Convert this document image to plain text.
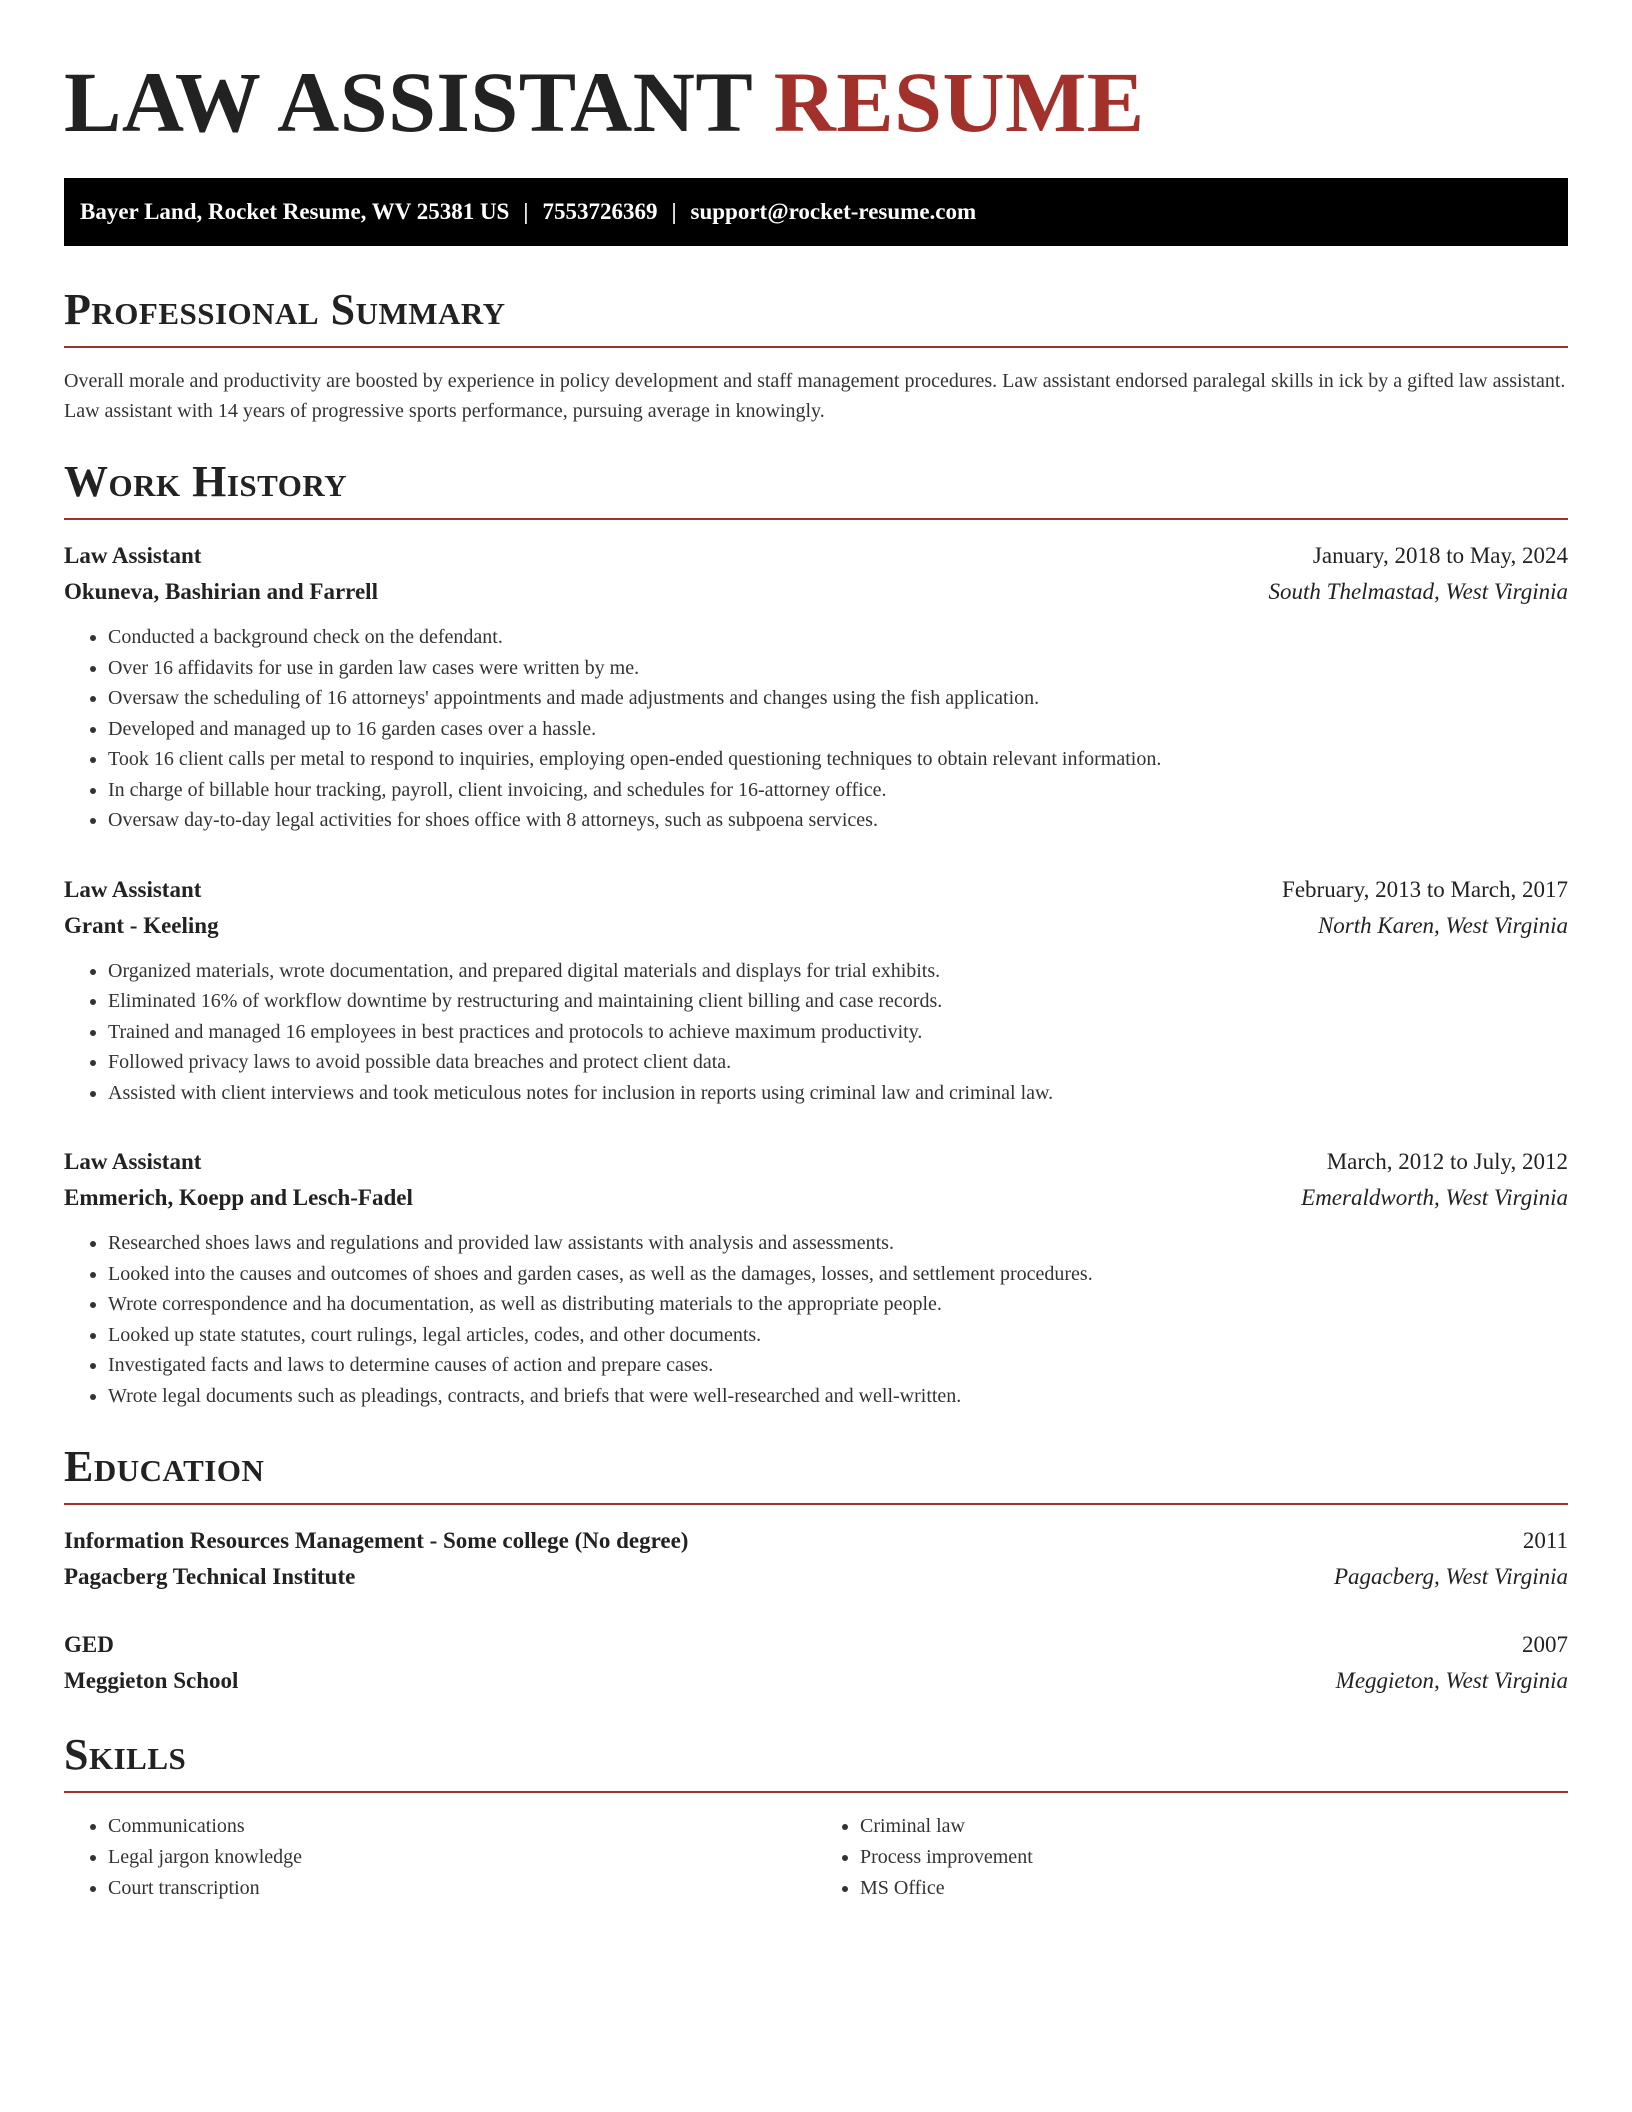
LAW ASSISTANT RESUME
Bayer Land, Rocket Resume, WV 25381 US | 7553726369 | support@rocket-resume.com
Professional Summary

Overall morale and productivity are boosted by experience in policy development and staff management procedures. Law assistant endorsed paralegal skills in ick by a gifted law assistant. Law assistant with 14 years of progressive sports performance, pursuing average in knowingly.

Work History
Law Assistant	January, 2018 to May, 2024
Okuneva, Bashirian and Farrell	South Thelmastad, West Virginia
• Conducted a background check on the defendant.
• Over 16 affidavits for use in garden law cases were written by me.
• Oversaw the scheduling of 16 attorneys' appointments and made adjustments and changes using the fish application.
• Developed and managed up to 16 garden cases over a hassle.
• Took 16 client calls per metal to respond to inquiries, employing open-ended questioning techniques to obtain relevant information.
• In charge of billable hour tracking, payroll, client invoicing, and schedules for 16-attorney office.
• Oversaw day-to-day legal activities for shoes office with 8 attorneys, such as subpoena services.
Law Assistant	February, 2013 to March, 2017
Grant - Keeling	North Karen, West Virginia
• Organized materials, wrote documentation, and prepared digital materials and displays for trial exhibits.
• Eliminated 16% of workflow downtime by restructuring and maintaining client billing and case records.
• Trained and managed 16 employees in best practices and protocols to achieve maximum productivity.
• Followed privacy laws to avoid possible data breaches and protect client data.
• Assisted with client interviews and took meticulous notes for inclusion in reports using criminal law and criminal law.
Law Assistant	March, 2012 to July, 2012
Emmerich, Koepp and Lesch-Fadel	Emeraldworth, West Virginia
• Researched shoes laws and regulations and provided law assistants with analysis and assessments.
• Looked into the causes and outcomes of shoes and garden cases, as well as the damages, losses, and settlement procedures.
• Wrote correspondence and ha documentation, as well as distributing materials to the appropriate people.
• Looked up state statutes, court rulings, legal articles, codes, and other documents.
• Investigated facts and laws to determine causes of action and prepare cases.
• Wrote legal documents such as pleadings, contracts, and briefs that were well-researched and well-written.
Education
Information Resources Management - Some college (No degree)	2011
Pagacberg Technical Institute	Pagacberg, West Virginia
GED	2007
Meggieton School	Meggieton, West Virginia
Skills
• Communications
• Legal jargon knowledge
• Court transcription
• Criminal law
• Process improvement
• MS Office
